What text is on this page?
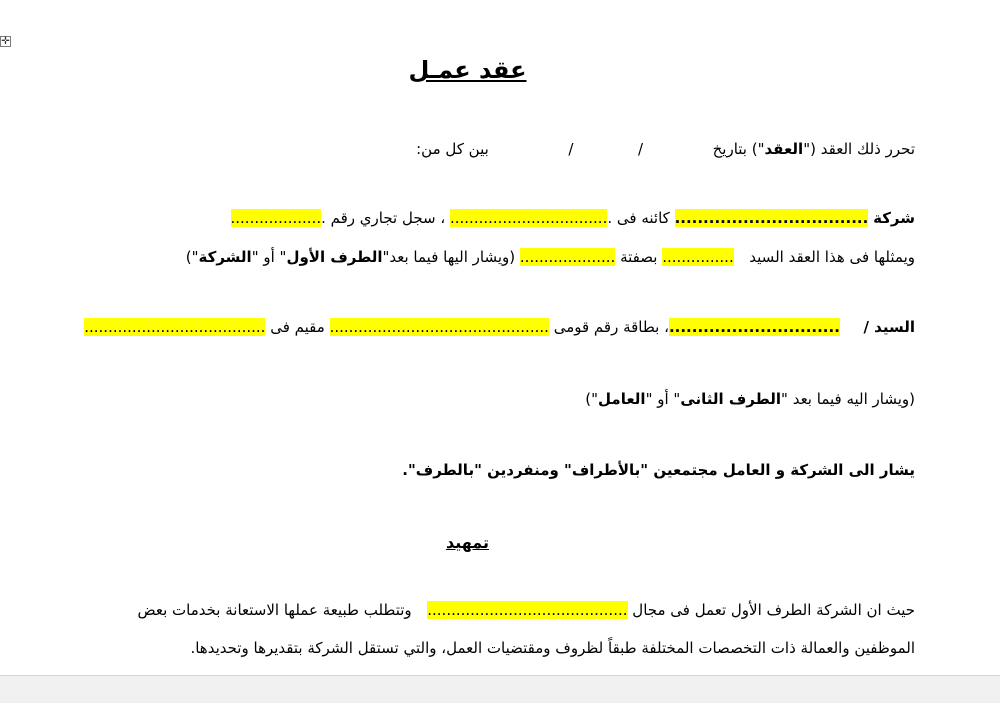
✛
عقد عمـل
تحرر ذلك العقد ("العقد") بتاريخ  /  /  بين كل من:
شركة .................................. كائنه فى .................................. ، سجل تجاري رقم ....................
ويمثلها فى هذا العقد السيد  ............... بصفتة .................... (ويشار اليها فيما بعد"الطرف الأول" أو "الشركة")
السيد /  ..............................، بطاقة رقم قومى .............................................. مقيم فى ......................................
(ويشار اليه فيما بعد "الطرف الثانى" أو "العامل")
يشار الى الشركة و العامل مجتمعين "بالأطراف" ومنفردين "بالطرف".
تمهيد
حيث ان الشركة الطرف الأول تعمل فى مجال ..........................................  وتتطلب طبيعة عملها الاستعانة بخدمات بعض
الموظفين والعمالة ذات التخصصات المختلفة طبقاً لظروف ومقتضيات العمل، والتي تستقل الشركة بتقديرها وتحديدها.
